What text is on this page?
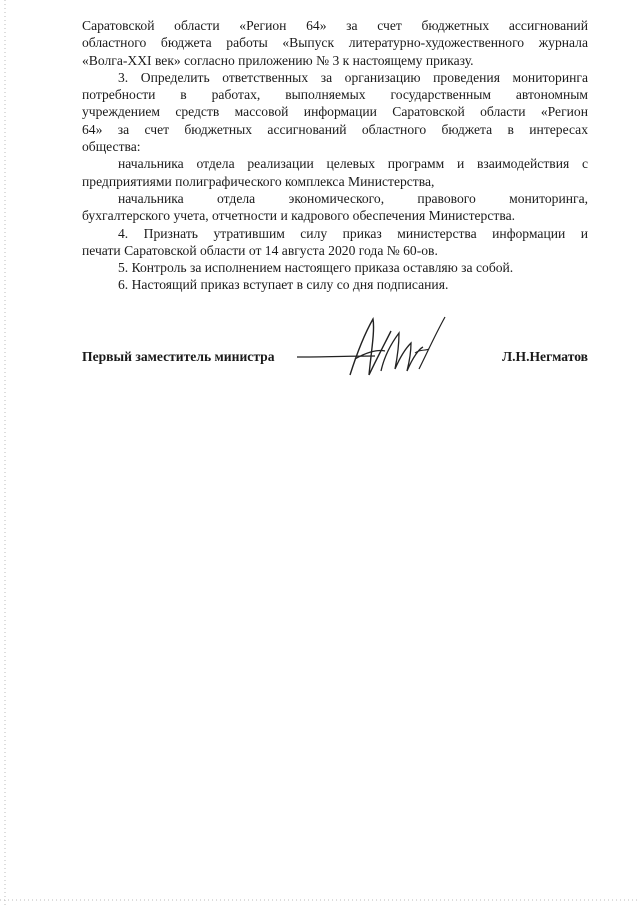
Саратовской области «Регион 64» за счет бюджетных ассигнований
областного бюджета работы «Выпуск литературно-художественного журнала
«Волга-XXI век» согласно приложению № 3 к настоящему приказу.

3. Определить ответственных за организацию проведения мониторинга
потребности в работах, выполняемых государственным автономным
учреждением средств массовой информации Саратовской области «Регион
64» за счет бюджетных ассигнований областного бюджета в интересах
общества:

начальника отдела реализации целевых программ и взаимодействия с
предприятиями полиграфического комплекса Министерства,

начальника отдела экономического, правового мониторинга,
бухгалтерского учета, отчетности и кадрового обеспечения Министерства.

4. Признать утратившим силу приказ министерства информации и
печати Саратовской области от 14 августа 2020 года № 60-ов.

5. Контроль за исполнением настоящего приказа оставляю за собой.

6. Настоящий приказ вступает в силу со дня подписания.

Первый заместитель министра	Л.Н.Негматов
